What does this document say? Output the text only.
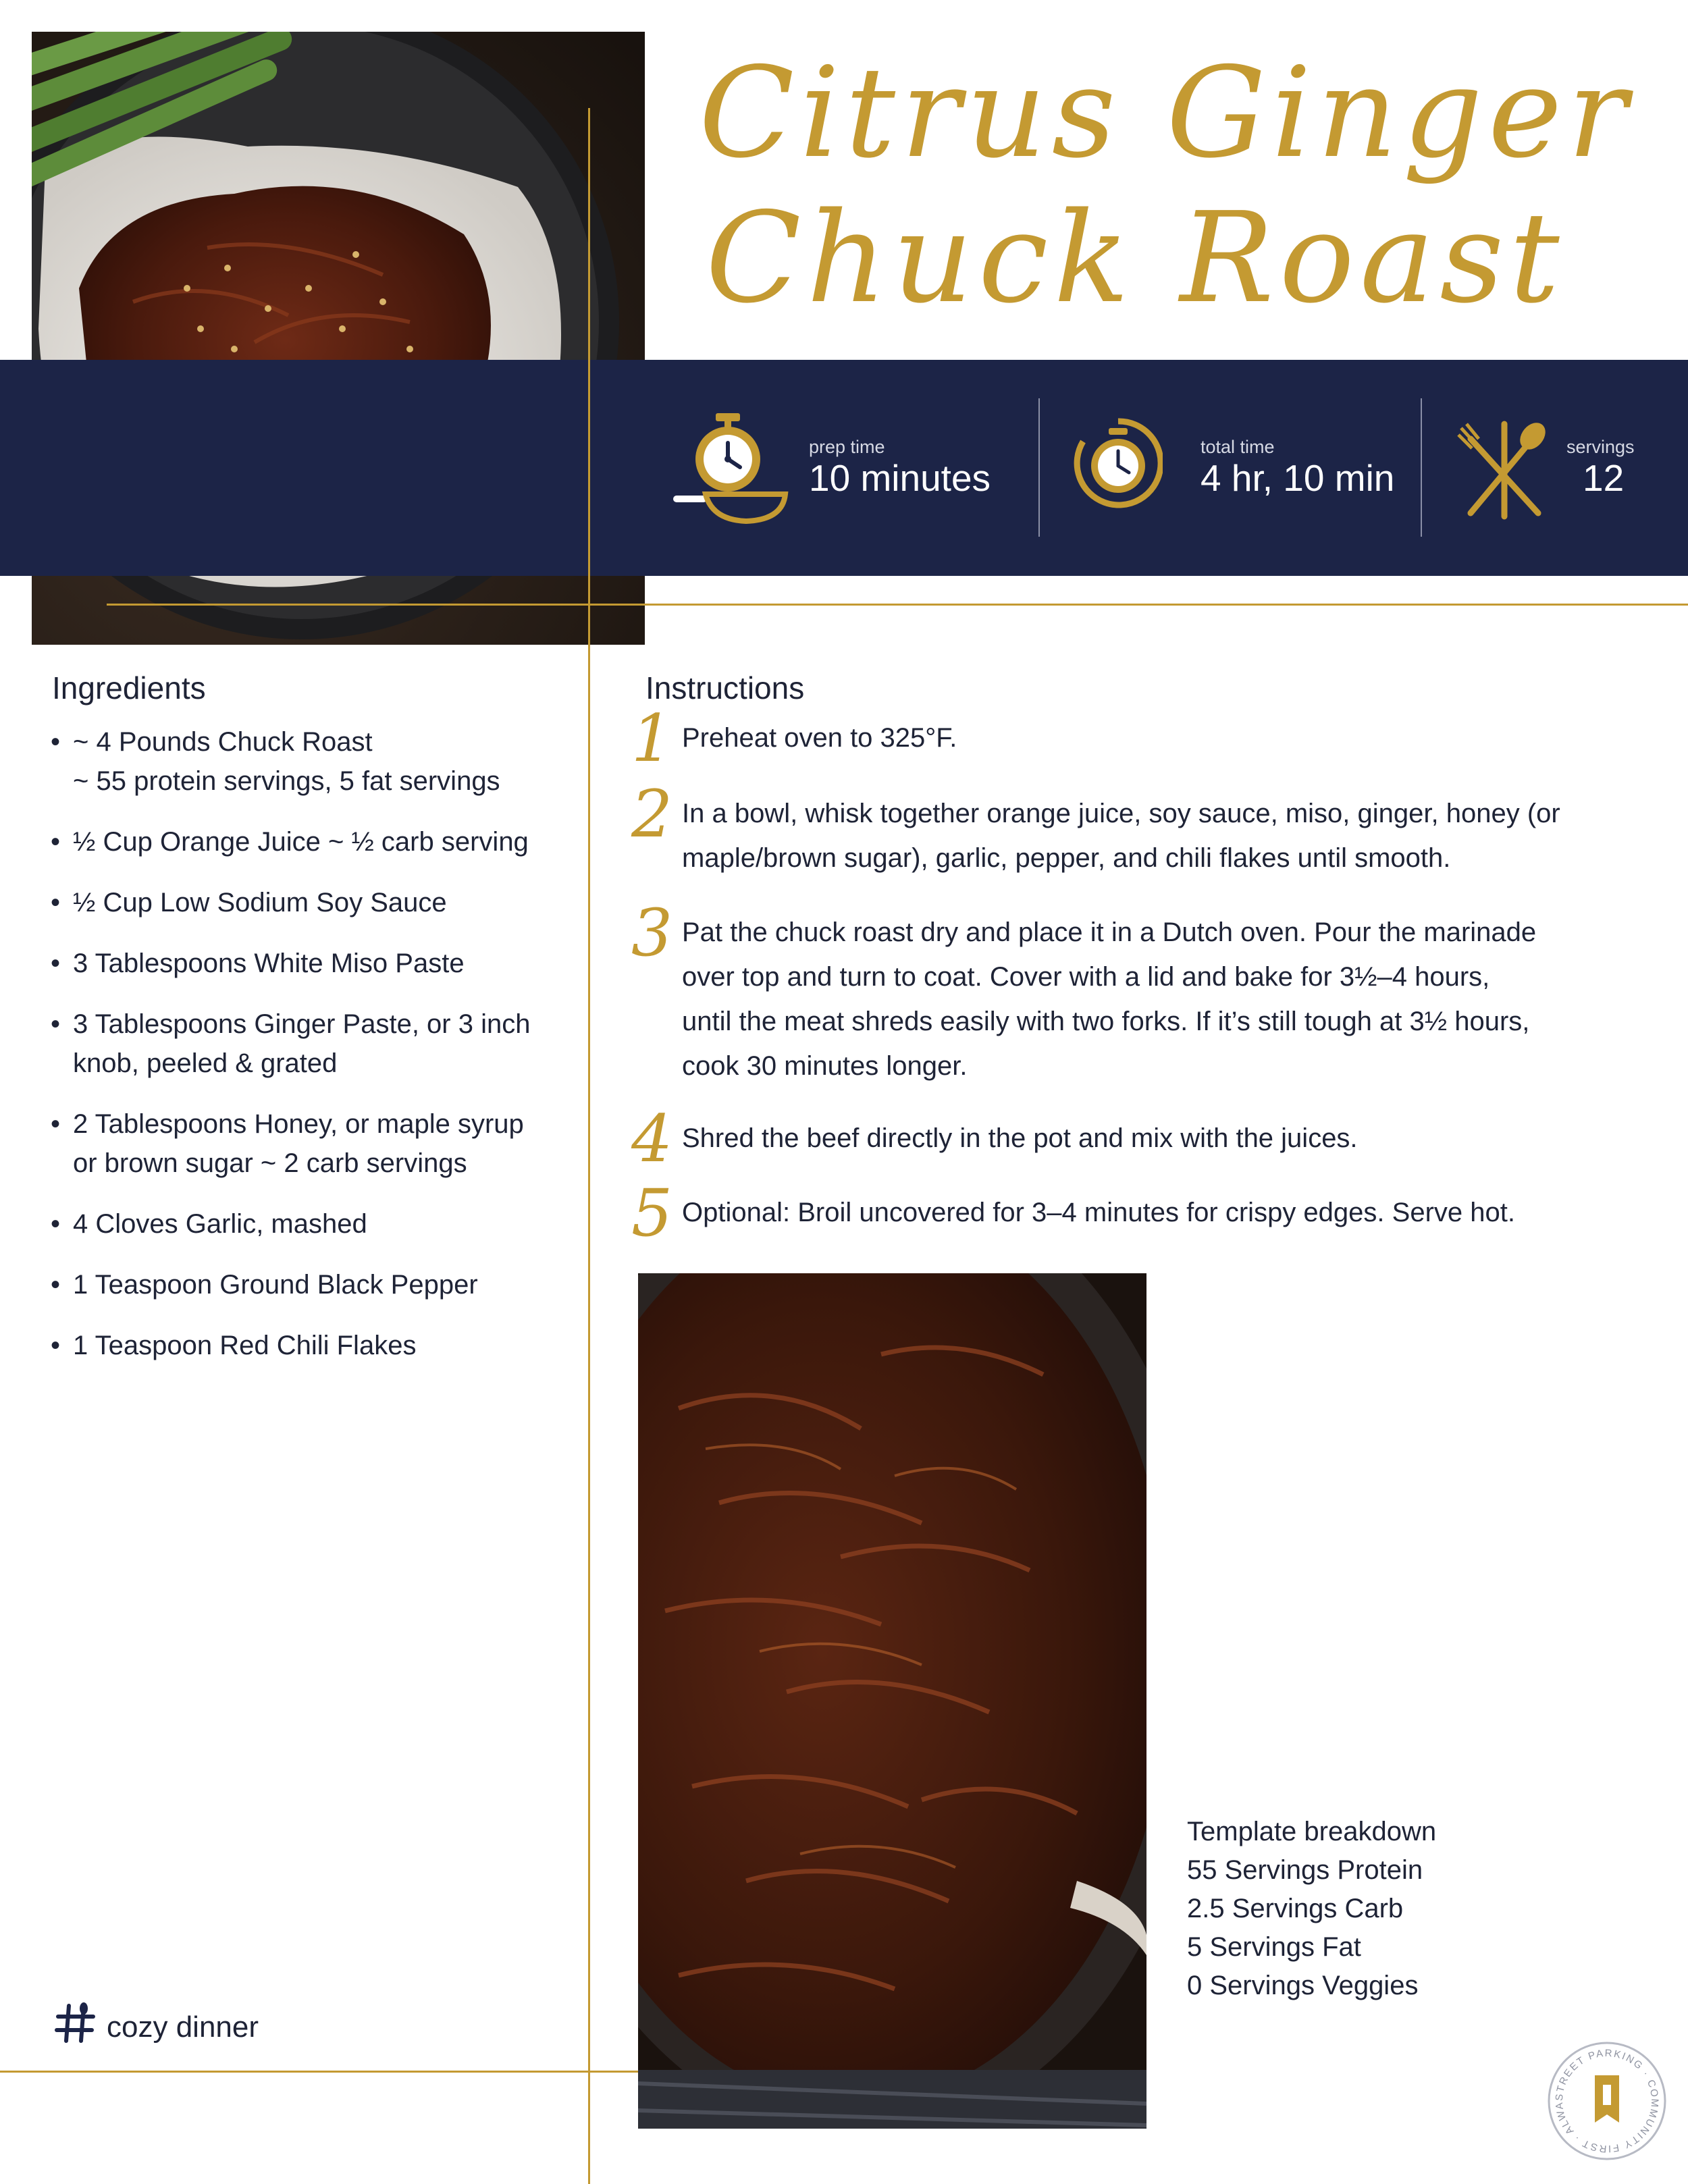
Citrus Ginger
Chuck Roast
prep time
10 minutes
total time
4 hr, 10 min
servings
12
Ingredients
• ~ 4 Pounds Chuck Roast
~ 55 protein servings, 5 fat servings
• ½ Cup Orange Juice ~ ½ carb serving
• ½ Cup Low Sodium Soy Sauce
• 3 Tablespoons White Miso Paste
• 3 Tablespoons Ginger Paste, or 3 inch
knob, peeled & grated
• 2 Tablespoons Honey, or maple syrup
or brown sugar ~ 2 carb servings
• 4 Cloves Garlic, mashed
• 1 Teaspoon Ground Black Pepper
• 1 Teaspoon Red Chili Flakes
Instructions
1 Preheat oven to 325°F.
2 In a bowl, whisk together orange juice, soy sauce, miso, ginger, honey (or
maple/brown sugar), garlic, pepper, and chili flakes until smooth.
3 Pat the chuck roast dry and place it in a Dutch oven. Pour the marinade
over top and turn to coat. Cover with a lid and bake for 3½–4 hours,
until the meat shreds easily with two forks. If it’s still tough at 3½ hours,
cook 30 minutes longer.
4 Shred the beef directly in the pot and mix with the juices.
5 Optional: Broil uncovered for 3–4 minutes for crispy edges. Serve hot.
Template breakdown
55 Servings Protein
2.5 Servings Carb
5 Servings Fat
0 Servings Veggies
cozy dinner
STREET PARKING · COMMUNITY FIRST · ALWA
